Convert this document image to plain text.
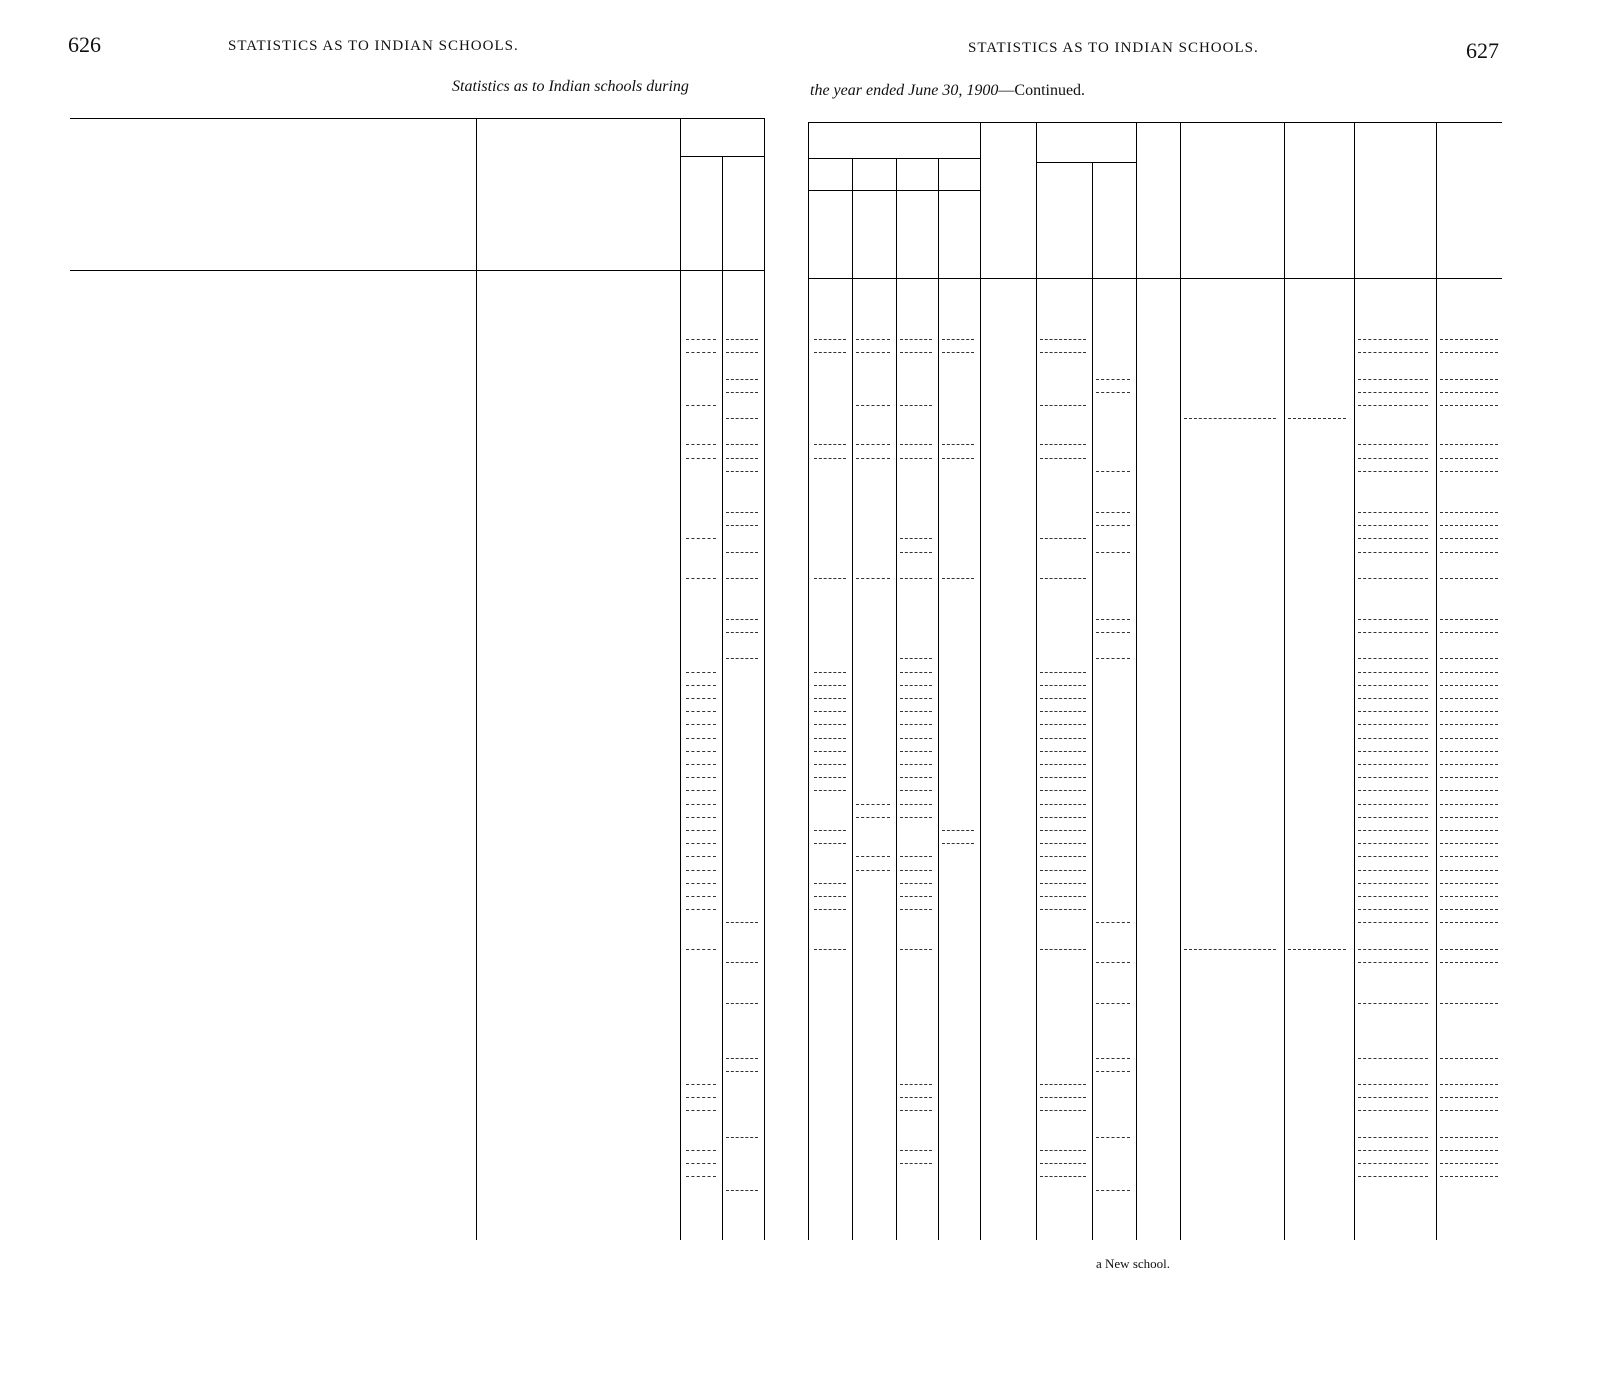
626	STATISTICS AS TO INDIAN SCHOOLS.	STATISTICS AS TO INDIAN SCHOOLS.	627
Statistics as to Indian schools during	the year ended June 30, 1900—Continued.
a New school.
